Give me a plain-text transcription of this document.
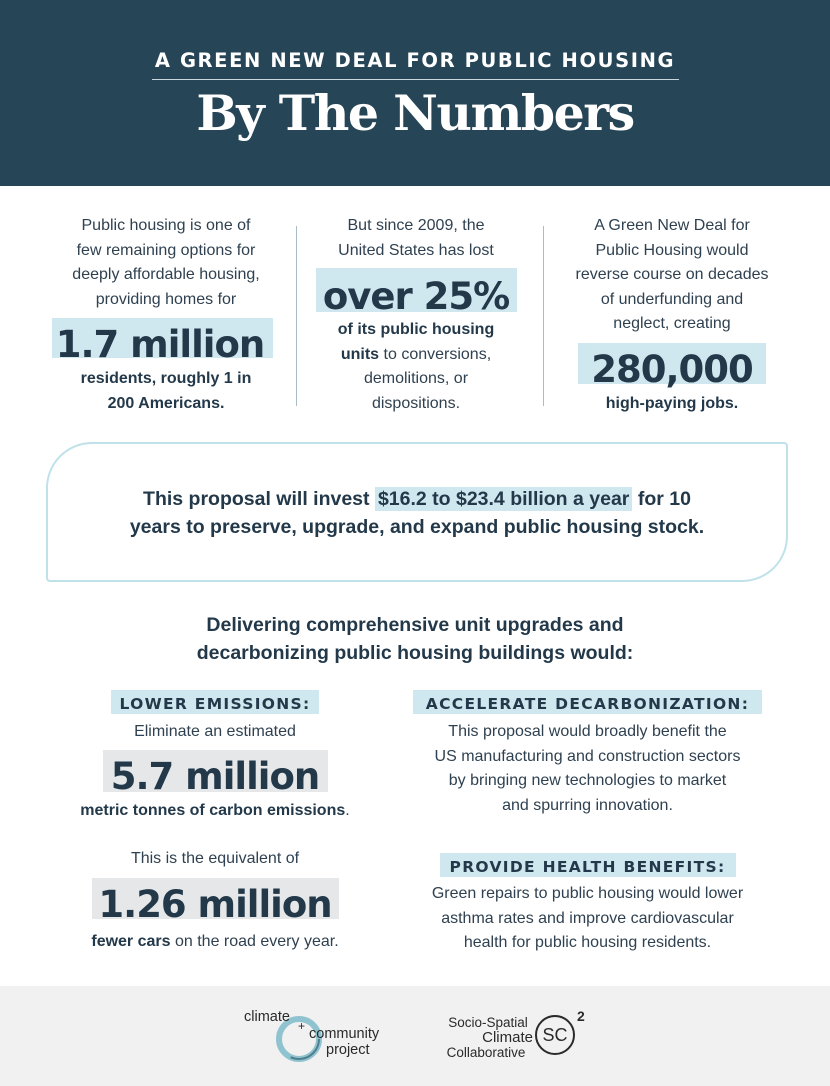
A GREEN NEW DEAL FOR PUBLIC HOUSING
By The Numbers
Public housing is one of
few remaining options for
deeply affordable housing,
providing homes for
1.7 million
residents, roughly 1 in
200 Americans.
But since 2009, the
United States has lost
over 25%
of its public housing
units to conversions,
demolitions, or
dispositions.
A Green New Deal for
Public Housing would
reverse course on decades
of underfunding and
neglect, creating
280,000
high-paying jobs.
This proposal will invest $16.2 to $23.4 billion a year for 10
years to preserve, upgrade, and expand public housing stock.
Delivering comprehensive unit upgrades and
decarbonizing public housing buildings would:
LOWER EMISSIONS:
Eliminate an estimated
5.7 million
metric tonnes of carbon emissions.
This is the equivalent of
1.26 million
fewer cars on the road every year.
ACCELERATE DECARBONIZATION:
This proposal would broadly benefit the
US manufacturing and construction sectors
by bringing new technologies to market
and spurring innovation.
PROVIDE HEALTH BENEFITS:
Green repairs to public housing would lower
asthma rates and improve cardiovascular
health for public housing residents.
climate
+ community
project
Socio-Spatial
Climate
Collaborative
SC
2
